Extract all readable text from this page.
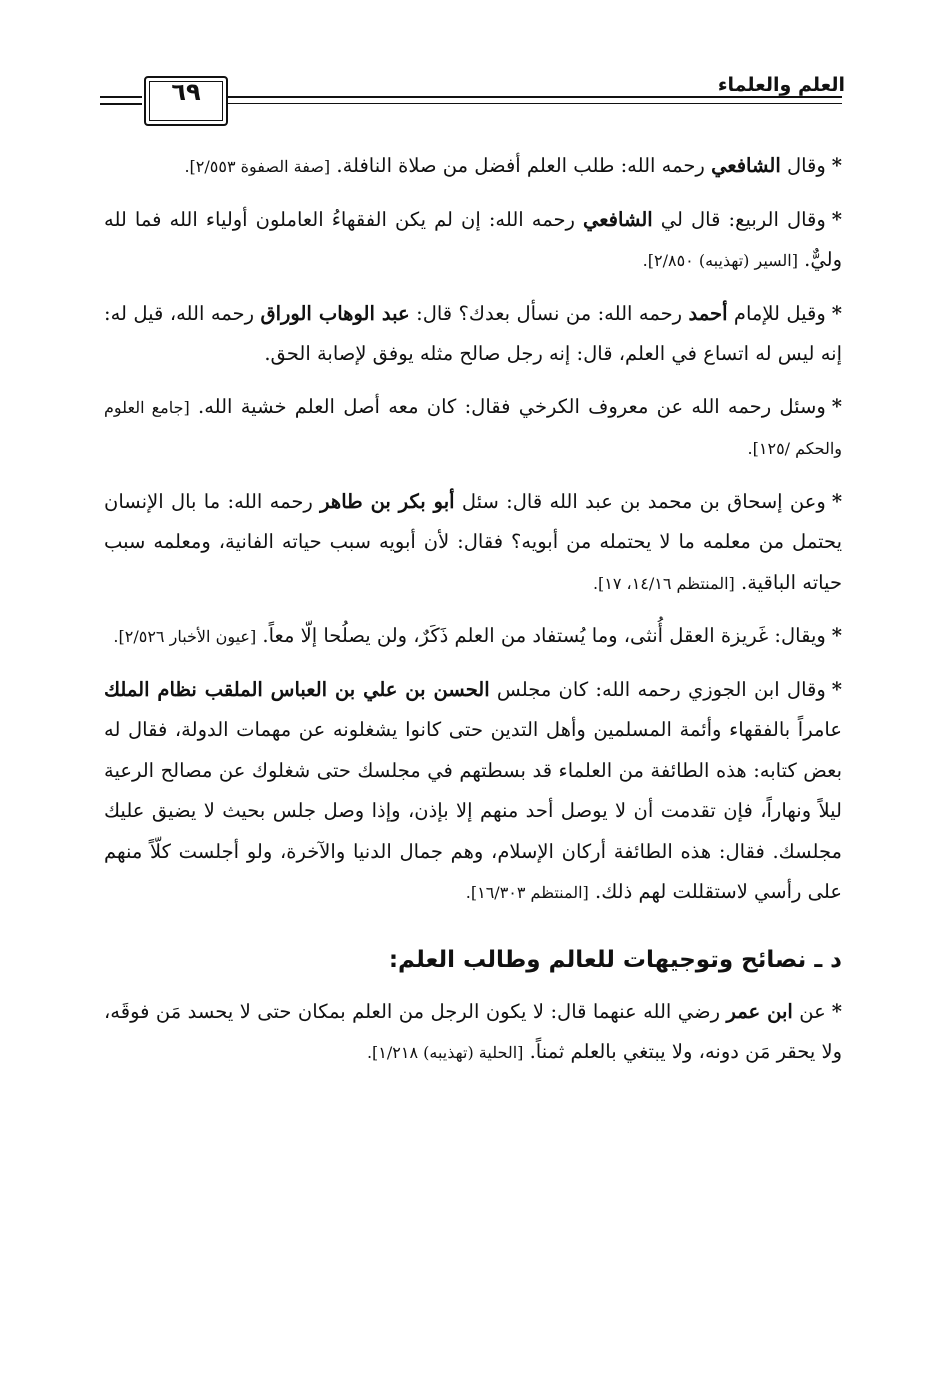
العلم والعلماء
٦٩

*وقال الشافعي رحمه الله: طلب العلم أفضل من صلاة النافلة. [صفة الصفوة ٢/٥٥٣].

*وقال الربيع: قال لي الشافعي رحمه الله: إن لم يكن الفقهاءُ العاملون أولياء الله فما لله وليٌّ. [السير (تهذيبه) ٢/٨٥٠].

*وقيل للإمام أحمد رحمه الله: من نسأل بعدك؟ قال: عبد الوهاب الوراق رحمه الله، قيل له: إنه ليس له اتساع في العلم، قال: إنه رجل صالح مثله يوفق لإصابة الحق.

*وسئل رحمه الله عن معروف الكرخي فقال: كان معه أصل العلم خشية الله. [جامع العلوم والحكم /١٢٥].

*وعن إسحاق بن محمد بن عبد الله قال: سئل أبو بكر بن طاهر رحمه الله: ما بال الإنسان يحتمل من معلمه ما لا يحتمله من أبويه؟ فقال: لأن أبويه سبب حياته الفانية، ومعلمه سبب حياته الباقية. [المنتظم ١٤/١٦، ١٧].

*ويقال: غَريزة العقل أُنثى، وما يُستفاد من العلم ذَكَرٌ، ولن يصلُحا إلّا معاً. [عيون الأخبار ٢/٥٢٦].

*وقال ابن الجوزي رحمه الله: كان مجلس الحسن بن علي بن العباس الملقب نظام الملك عامراً بالفقهاء وأئمة المسلمين وأهل التدين حتى كانوا يشغلونه عن مهمات الدولة، فقال له بعض كتابه: هذه الطائفة من العلماء قد بسطتهم في مجلسك حتى شغلوك عن مصالح الرعية ليلاً ونهاراً، فإن تقدمت أن لا يوصل أحد منهم إلا بإذن، وإذا وصل جلس بحيث لا يضيق عليك مجلسك. فقال: هذه الطائفة أركان الإسلام، وهم جمال الدنيا والآخرة، ولو أجلست كلّاً منهم على رأسي لاستقللت لهم ذلك. [المنتظم ١٦/٣٠٣].

د ـ نصائح وتوجيهات للعالم وطالب العلم:

*عن ابن عمر رضي الله عنهما قال: لا يكون الرجل من العلم بمكان حتى لا يحسد مَن فوقَه، ولا يحقر مَن دونه، ولا يبتغي بالعلم ثمناً. [الحلية (تهذيبه) ١/٢١٨].
